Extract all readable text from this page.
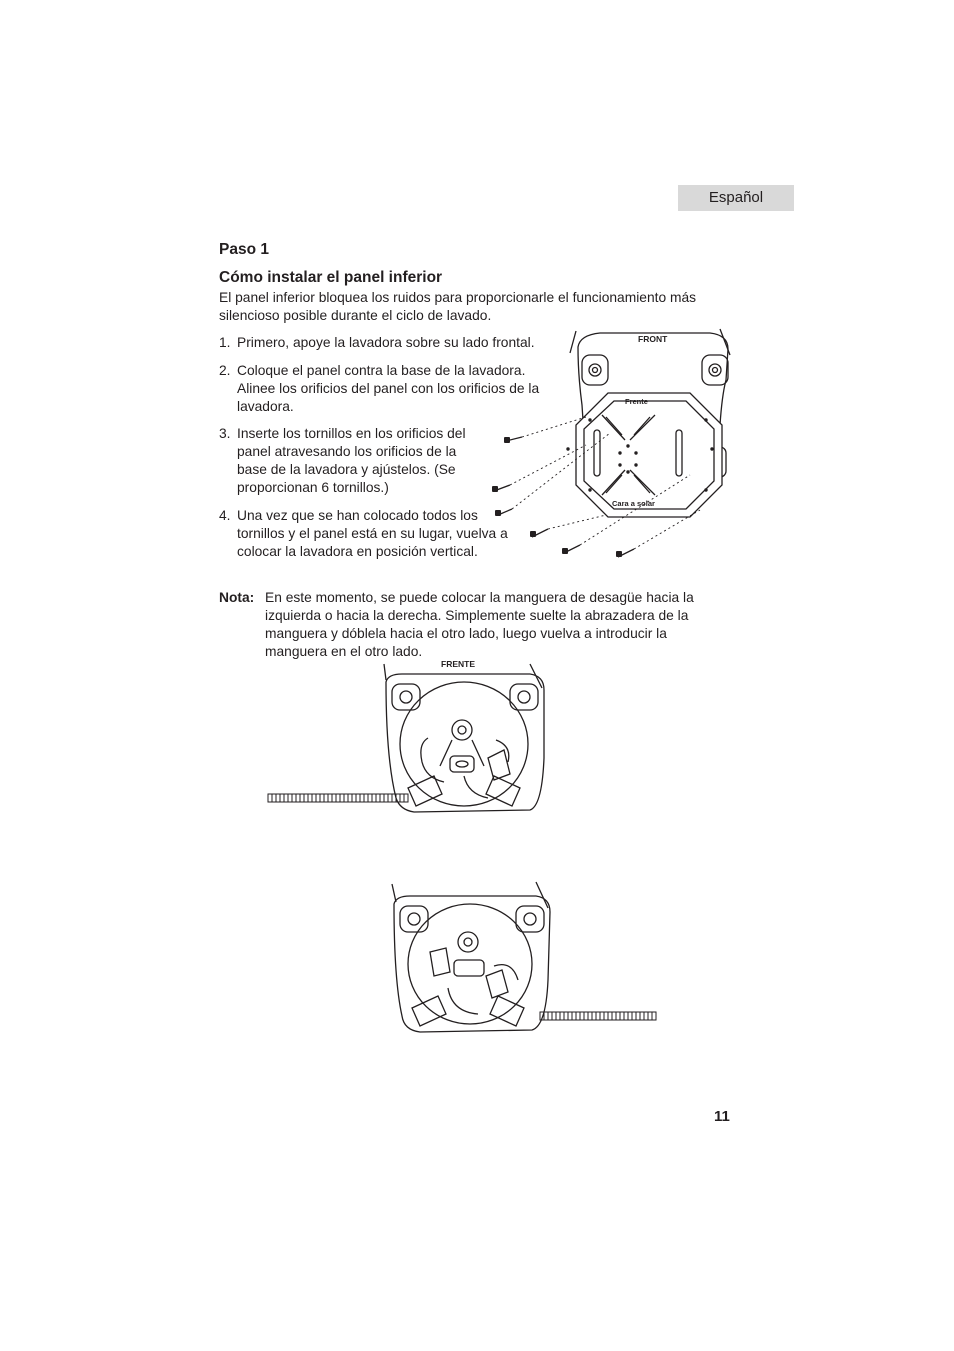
Español
Paso 1
Cómo instalar el panel inferior
El panel inferior bloquea los ruidos para proporcionarle el funcionamiento más silencioso posible durante el ciclo de lavado.
1. Primero, apoye la lavadora sobre su lado frontal.
2. Coloque el panel contra la base de la lavadora. Alinee los orificios del panel con los orificios de la lavadora.
3. Inserte los tornillos en los orificios del panel atravesando los orificios de la base de la lavadora y ajústelos. (Se proporcionan 6 tornillos.)
4. Una vez que se han colocado todos los tornillos y el panel está en su lugar, vuelva a colocar la lavadora en posición vertical.
Nota: En este momento, se puede colocar la manguera de desagüe hacia la izquierda o hacia la derecha. Simplemente suelte la abrazadera de la manguera y dóblela hacia el otro lado, luego vuelva a introducir la manguera en el otro lado.
FRONT
Frente
Cara a solar
FRENTE
11
